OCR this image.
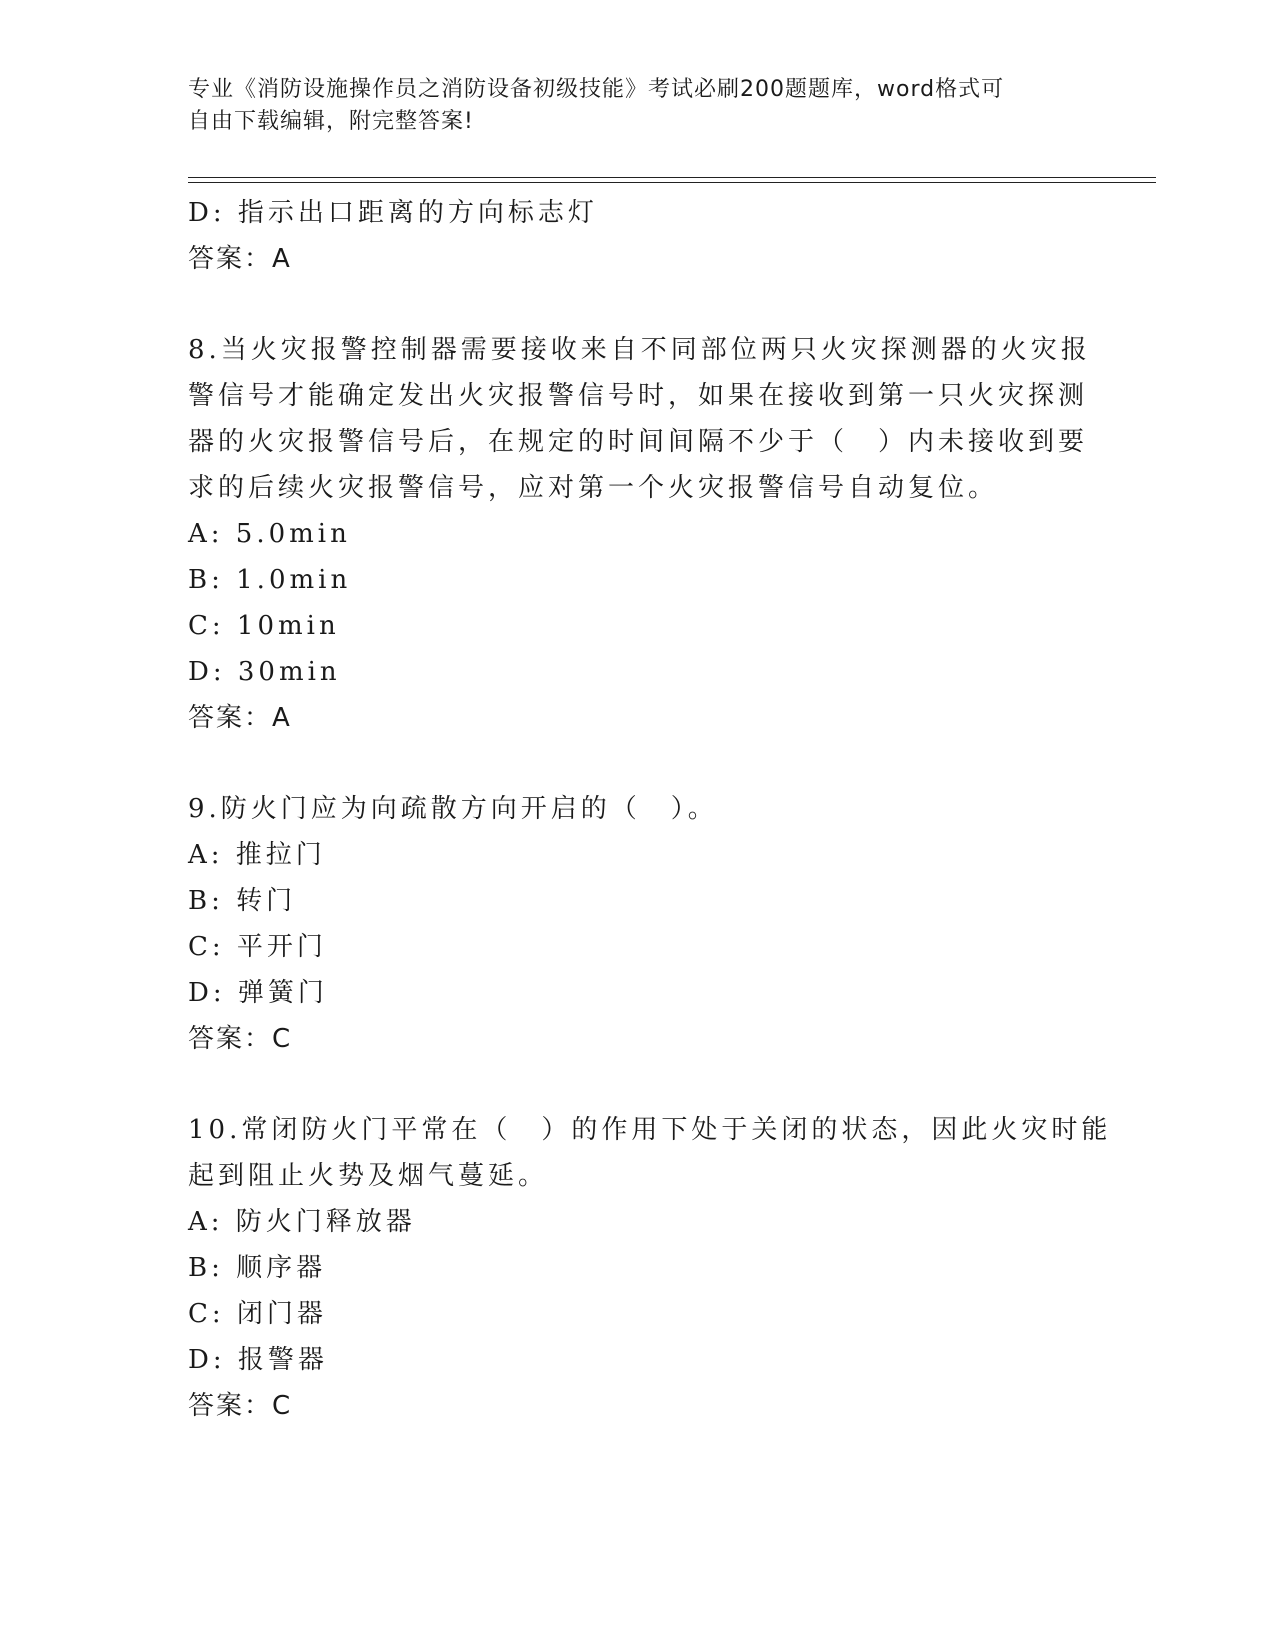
专业《消防设施操作员之消防设备初级技能》考试必刷200题题库，word格式可
自由下载编辑，附完整答案!
D: 指示出口距离的方向标志灯
答案：A
8.当火灾报警控制器需要接收来自不同部位两只火灾探测器的火灾报
警信号才能确定发出火灾报警信号时，如果在接收到第一只火灾探测
器的火灾报警信号后，在规定的时间间隔不少于（　）内未接收到要
求的后续火灾报警信号，应对第一个火灾报警信号自动复位。
A: 5.0min
B: 1.0min
C: 10min
D: 30min
答案：A
9.防火门应为向疏散方向开启的（　）。
A: 推拉门
B: 转门
C: 平开门
D: 弹簧门
答案：C
10.常闭防火门平常在（　）的作用下处于关闭的状态，因此火灾时能
起到阻止火势及烟气蔓延。
A: 防火门释放器
B: 顺序器
C: 闭门器
D: 报警器
答案：C
